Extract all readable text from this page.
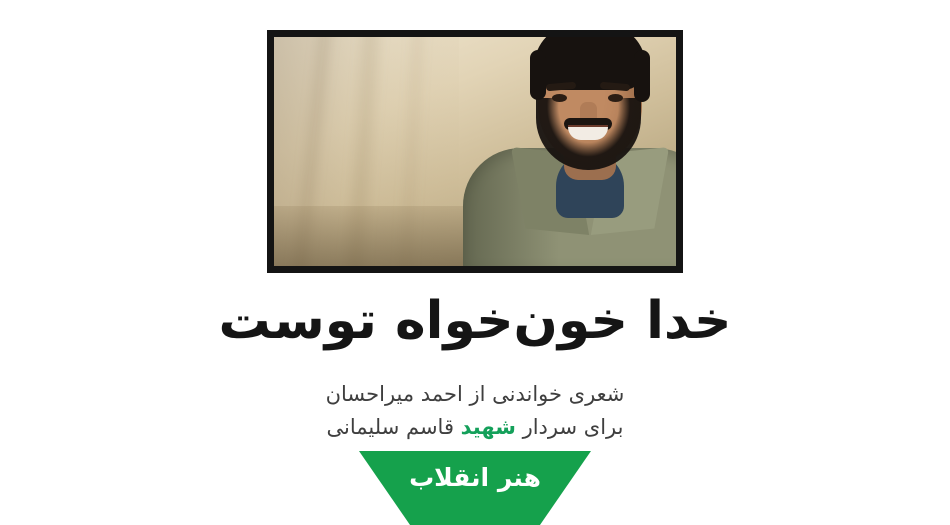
خدا خون‌خواه توست
شعری خواندنی از احمد میراحسان
برای سردار شهید قاسم سلیمانی
هنر انقلاب
